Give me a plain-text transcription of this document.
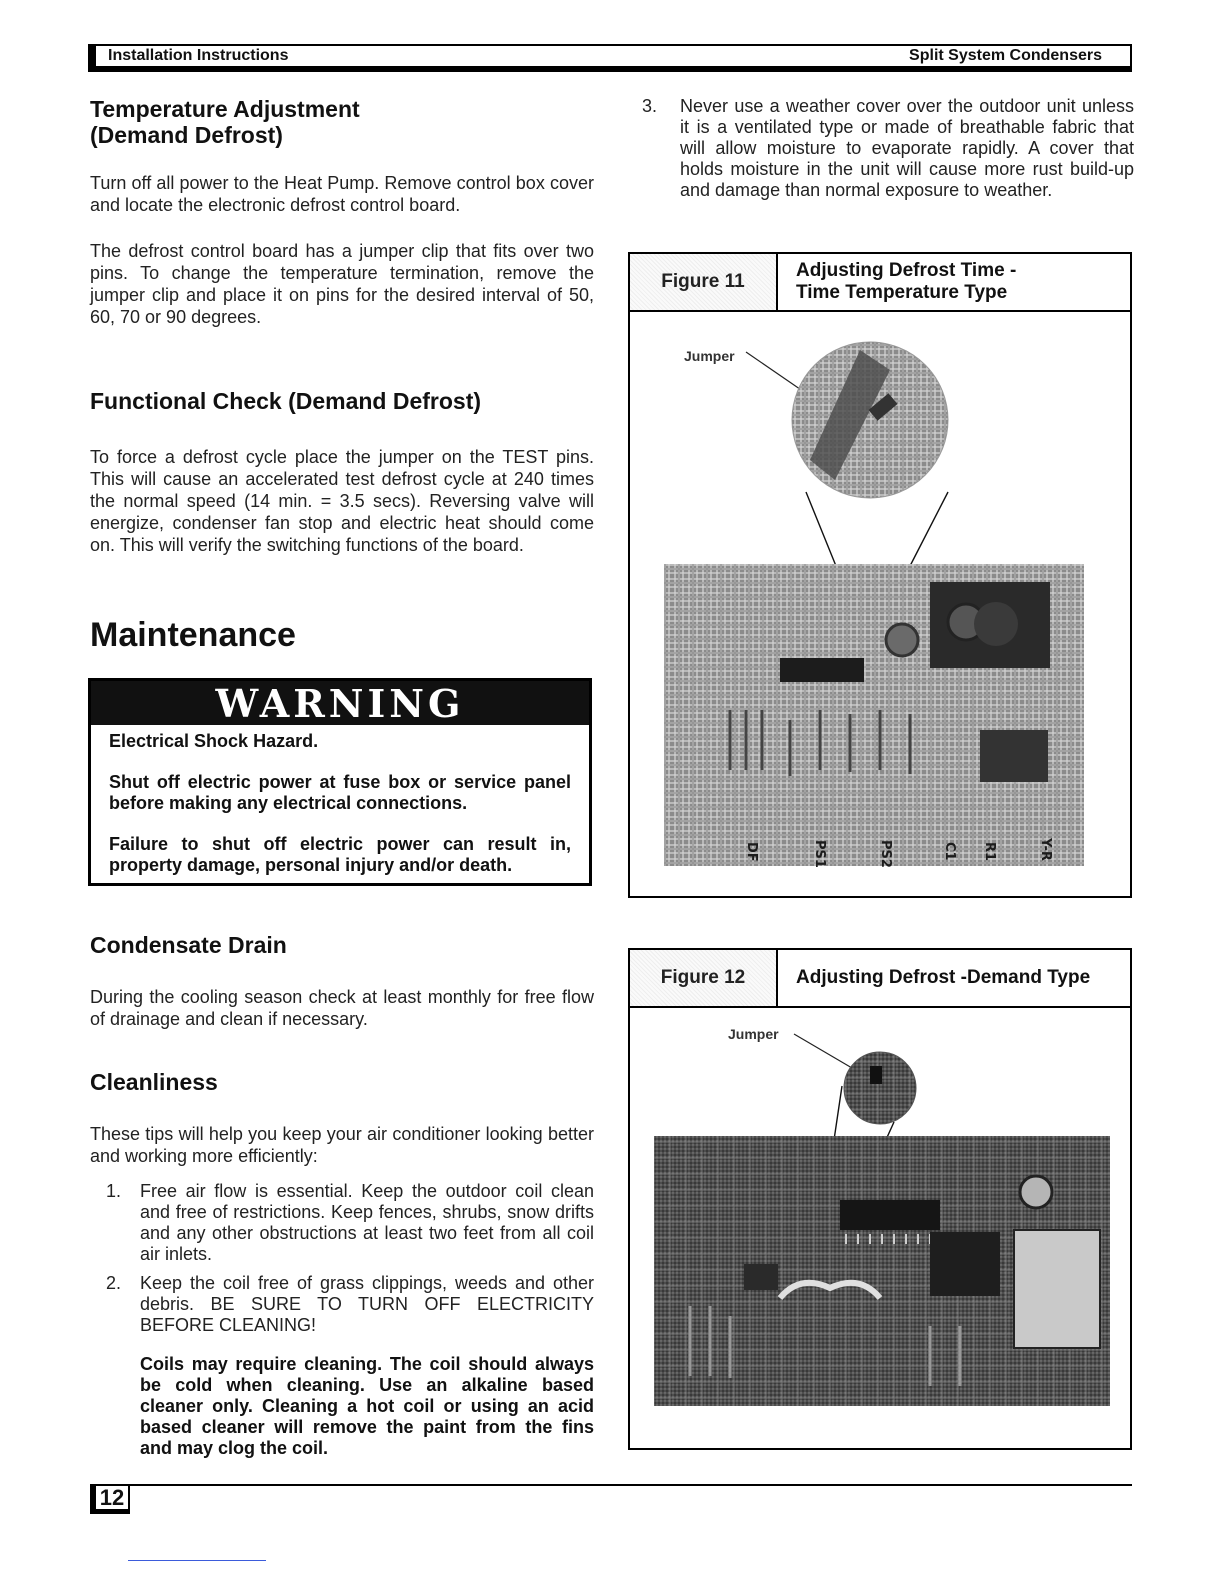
Installation Instructions	Split System Condensers
Temperature Adjustment
(Demand Defrost)

Turn off all power to the Heat Pump. Remove control box cover and locate the electronic defrost control board.

The defrost control board has a jumper clip that fits over two pins. To change the temperature termination, remove the jumper clip and place it on pins for the desired interval of 50, 60, 70 or 90 degrees.

Functional Check (Demand Defrost)

To force a defrost cycle place the jumper on the TEST pins. This will cause an accelerated test defrost cycle at 240 times the normal speed (14 min. = 3.5 secs). Reversing valve will energize, condenser fan stop and electric heat should come on. This will verify the switching functions of the board.

Maintenance
WARNING

Electrical Shock Hazard.

Shut off electric power at fuse box or service panel before making any electrical connections.

Failure to shut off electric power can result in, property damage, personal injury and/or death.

Condensate Drain

During the cooling season check at least monthly for free flow of drainage and clean if necessary.

Cleanliness

These tips will help you keep your air conditioner looking better and working more efficiently:

1. Free air flow is essential. Keep the outdoor coil clean and free of restrictions. Keep fences, shrubs, snow drifts and any other obstructions at least two feet from all coil air inlets.

2. Keep the coil free of grass clippings, weeds and other debris. BE SURE TO TURN OFF ELECTRICITY BEFORE CLEANING!

Coils may require cleaning. The coil should always be cold when cleaning. Use an alkaline based cleaner only. Cleaning a hot coil or using an acid based cleaner will remove the paint from the fins and may clog the coil.

3. Never use a weather cover over the outdoor unit unless it is a ventilated type or made of breathable fabric that will allow moisture to evaporate rapidly. A cover that holds moisture in the unit will cause more rust build-up and damage than normal exposure to weather.

Figure 11
Adjusting Defrost Time -
Time Temperature Type
Jumper
DF	PS1	PS2	C1 R1	Y-R
Figure 12	Adjusting Defrost -Demand Type
Jumper
12
